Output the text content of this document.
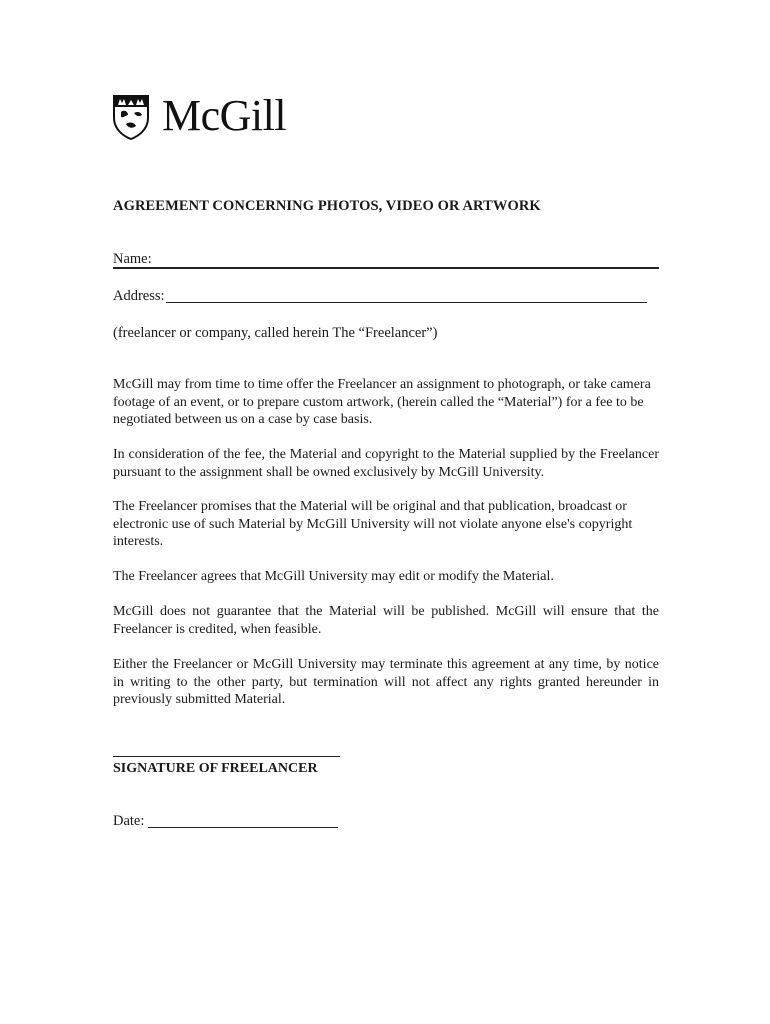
McGill
AGREEMENT CONCERNING PHOTOS, VIDEO OR ARTWORK
Name:
Address:
(freelancer or company, called herein The “Freelancer”)
McGill may from time to time offer the Freelancer an assignment to photograph, or take camera footage of an event, or to prepare custom artwork, (herein called the “Material”) for a fee to be negotiated between us on a case by case basis.
In consideration of the fee, the Material and copyright to the Material supplied by the Freelancer pursuant to the assignment shall be owned exclusively by McGill University.
The Freelancer promises that the Material will be original and that publication, broadcast or electronic use of such Material by McGill University will not violate anyone else's copyright interests.
The Freelancer agrees that McGill University may edit or modify the Material.
McGill does not guarantee that the Material will be published. McGill will ensure that the Freelancer is credited, when feasible.
Either the Freelancer or McGill University may terminate this agreement at any time, by notice in writing to the other party, but termination will not affect any rights granted hereunder in previously submitted Material.
SIGNATURE OF FREELANCER
Date:
